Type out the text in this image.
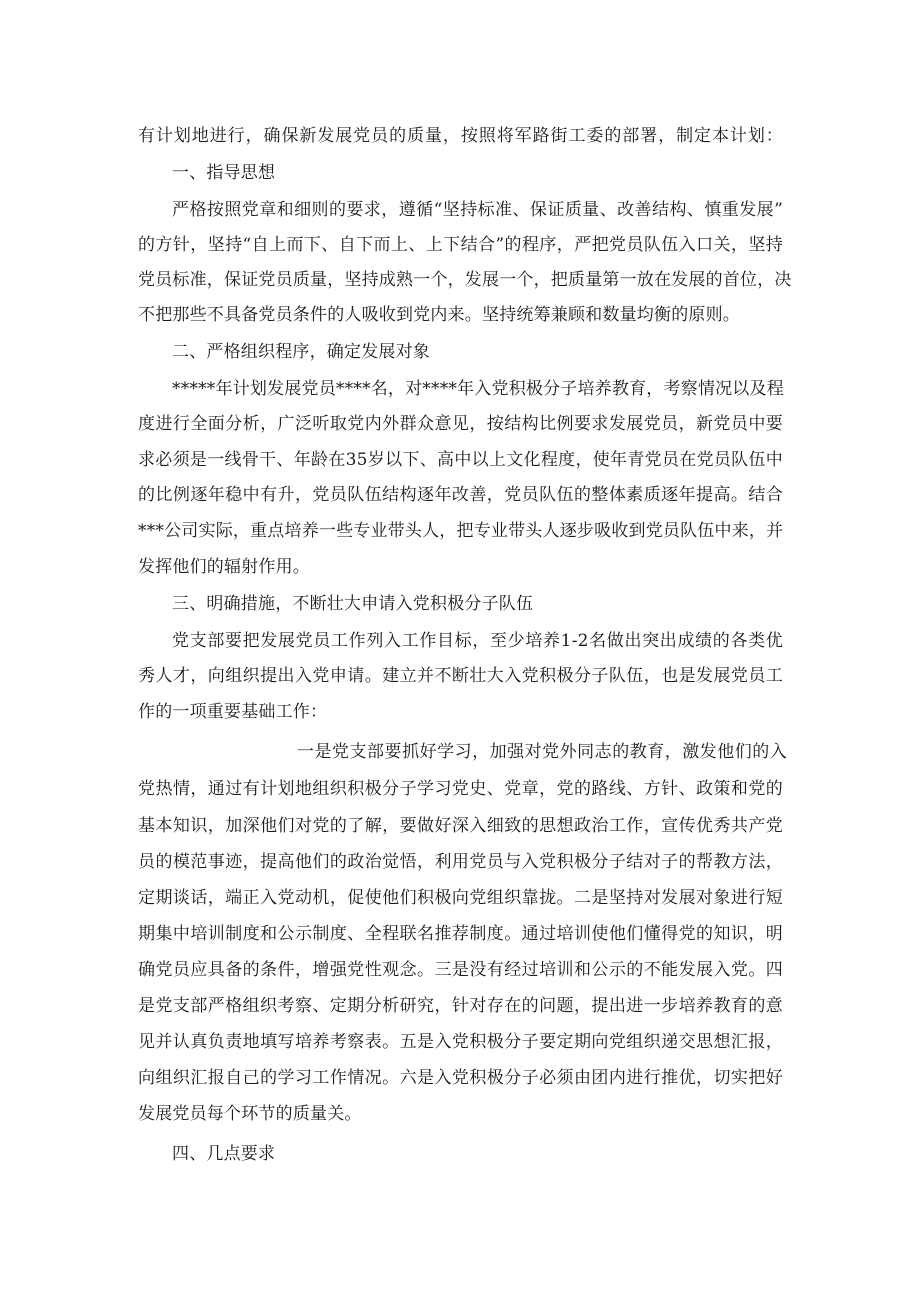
有计划地进行，确保新发展党员的质量，按照将军路街工委的部署，制定本计划：
一、指导思想
严格按照党章和细则的要求，遵循“坚持标准、保证质量、改善结构、慎重发展”
的方针，坚持“自上而下、自下而上、上下结合”的程序，严把党员队伍入口关，坚持
党员标准，保证党员质量，坚持成熟一个，发展一个，把质量第一放在发展的首位，决
不把那些不具备党员条件的人吸收到党内来。坚持统筹兼顾和数量均衡的原则。
二、严格组织程序，确定发展对象
*****年计划发展党员****名，对****年入党积极分子培养教育，考察情况以及程
度进行全面分析，广泛听取党内外群众意见，按结构比例要求发展党员，新党员中要
求必须是一线骨干、年龄在35岁以下、高中以上文化程度，使年青党员在党员队伍中
的比例逐年稳中有升，党员队伍结构逐年改善，党员队伍的整体素质逐年提高。结合
***公司实际，重点培养一些专业带头人，把专业带头人逐步吸收到党员队伍中来，并
发挥他们的辐射作用。
三、明确措施，不断壮大申请入党积极分子队伍
党支部要把发展党员工作列入工作目标，至少培养1-2名做出突出成绩的各类优
秀人才，向组织提出入党申请。建立并不断壮大入党积极分子队伍，也是发展党员工
作的一项重要基础工作：
一是党支部要抓好学习，加强对党外同志的教育，激发他们的入
党热情，通过有计划地组织积极分子学习党史、党章，党的路线、方针、政策和党的
基本知识，加深他们对党的了解，要做好深入细致的思想政治工作，宣传优秀共产党
员的模范事迹，提高他们的政治觉悟，利用党员与入党积极分子结对子的帮教方法，
定期谈话，端正入党动机，促使他们积极向党组织靠拢。二是坚持对发展对象进行短
期集中培训制度和公示制度、全程联名推荐制度。通过培训使他们懂得党的知识，明
确党员应具备的条件，增强党性观念。三是没有经过培训和公示的不能发展入党。四
是党支部严格组织考察、定期分析研究，针对存在的问题，提出进一步培养教育的意
见并认真负责地填写培养考察表。五是入党积极分子要定期向党组织递交思想汇报，
向组织汇报自己的学习工作情况。六是入党积极分子必须由团内进行推优，切实把好
发展党员每个环节的质量关。
四、几点要求
